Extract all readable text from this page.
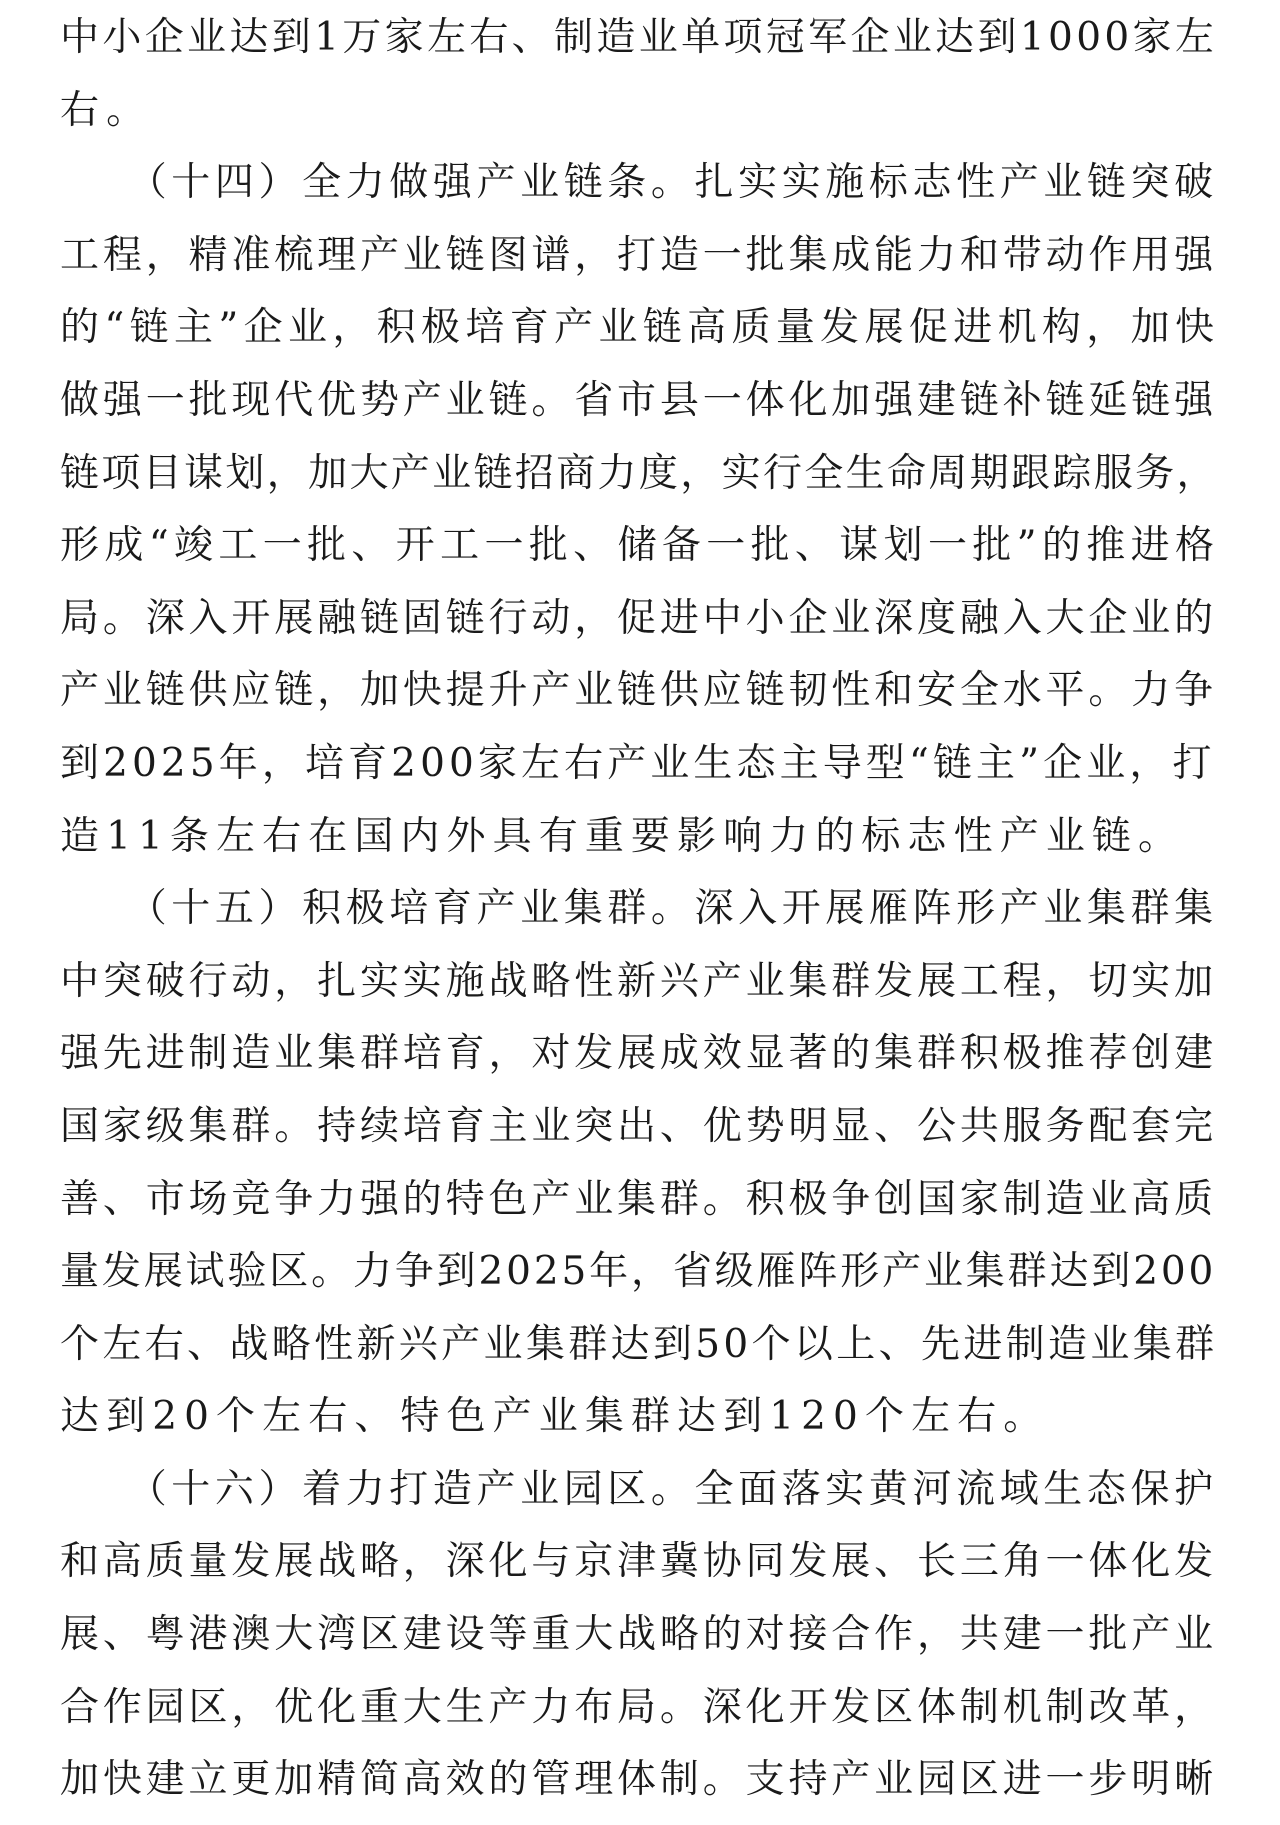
中小企业达到1万家左右、制造业单项冠军企业达到1000家左
右。
　　（十四）全力做强产业链条。扎实实施标志性产业链突破
工程，精准梳理产业链图谱，打造一批集成能力和带动作用强
的“链主”企业，积极培育产业链高质量发展促进机构，加快
做强一批现代优势产业链。省市县一体化加强建链补链延链强
链项目谋划，加大产业链招商力度，实行全生命周期跟踪服务，
形成“竣工一批、开工一批、储备一批、谋划一批”的推进格
局。深入开展融链固链行动，促进中小企业深度融入大企业的
产业链供应链，加快提升产业链供应链韧性和安全水平。力争
到2025年，培育200家左右产业生态主导型“链主”企业，打
造11条左右在国内外具有重要影响力的标志性产业链。
　　（十五）积极培育产业集群。深入开展雁阵形产业集群集
中突破行动，扎实实施战略性新兴产业集群发展工程，切实加
强先进制造业集群培育，对发展成效显著的集群积极推荐创建
国家级集群。持续培育主业突出、优势明显、公共服务配套完
善、市场竞争力强的特色产业集群。积极争创国家制造业高质
量发展试验区。力争到2025年，省级雁阵形产业集群达到200
个左右、战略性新兴产业集群达到50个以上、先进制造业集群
达到20个左右、特色产业集群达到120个左右。
　　（十六）着力打造产业园区。全面落实黄河流域生态保护
和高质量发展战略，深化与京津冀协同发展、长三角一体化发
展、粤港澳大湾区建设等重大战略的对接合作，共建一批产业
合作园区，优化重大生产力布局。深化开发区体制机制改革，
加快建立更加精简高效的管理体制。支持产业园区进一步明晰
